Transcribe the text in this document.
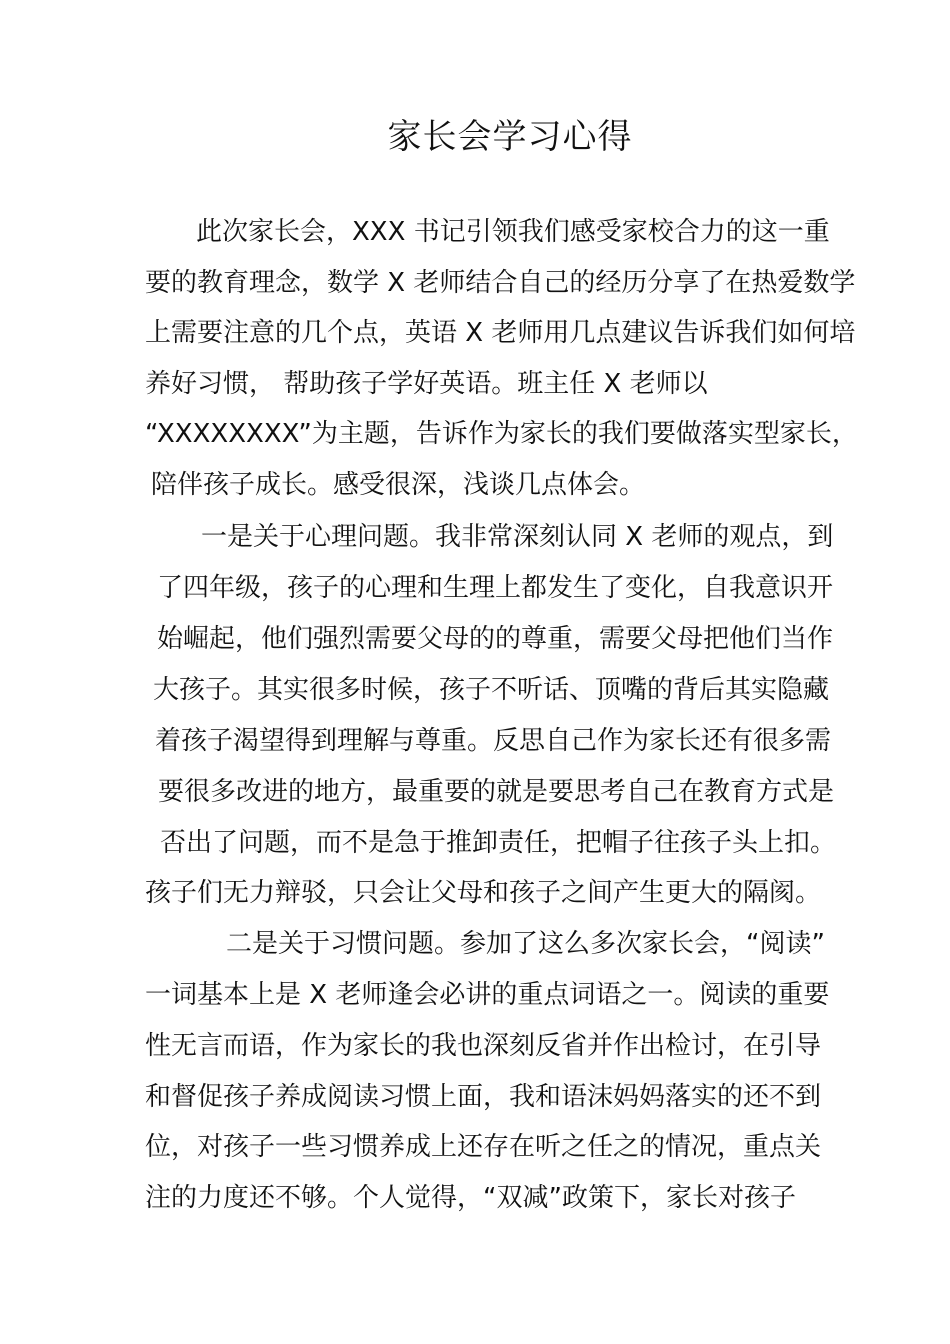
家长会学习心得

此次家长会，XXX 书记引领我们感受家校合力的这一重

要的教育理念，数学 X 老师结合自己的经历分享了在热爱数学

上需要注意的几个点，英语 X 老师用几点建议告诉我们如何培

养好习惯， 帮助孩子学好英语。班主任 X 老师以

“XXXXXXXX”为主题，告诉作为家长的我们要做落实型家长，

陪伴孩子成长。感受很深，浅谈几点体会。

一是关于心理问题。我非常深刻认同 X 老师的观点，到

了四年级，孩子的心理和生理上都发生了变化，自我意识开

始崛起，他们强烈需要父母的的尊重，需要父母把他们当作

大孩子。其实很多时候，孩子不听话、顶嘴的背后其实隐藏

着孩子渴望得到理解与尊重。反思自己作为家长还有很多需

要很多改进的地方，最重要的就是要思考自己在教育方式是

否出了问题，而不是急于推卸责任，把帽子往孩子头上扣。

孩子们无力辩驳，只会让父母和孩子之间产生更大的隔阂。

二是关于习惯问题。参加了这么多次家长会，“阅读”

一词基本上是 X 老师逢会必讲的重点词语之一。阅读的重要

性无言而语，作为家长的我也深刻反省并作出检讨，在引导

和督促孩子养成阅读习惯上面，我和语沫妈妈落实的还不到

位，对孩子一些习惯养成上还存在听之任之的情况，重点关

注的力度还不够。个人觉得，“双减”政策下，家长对孩子
